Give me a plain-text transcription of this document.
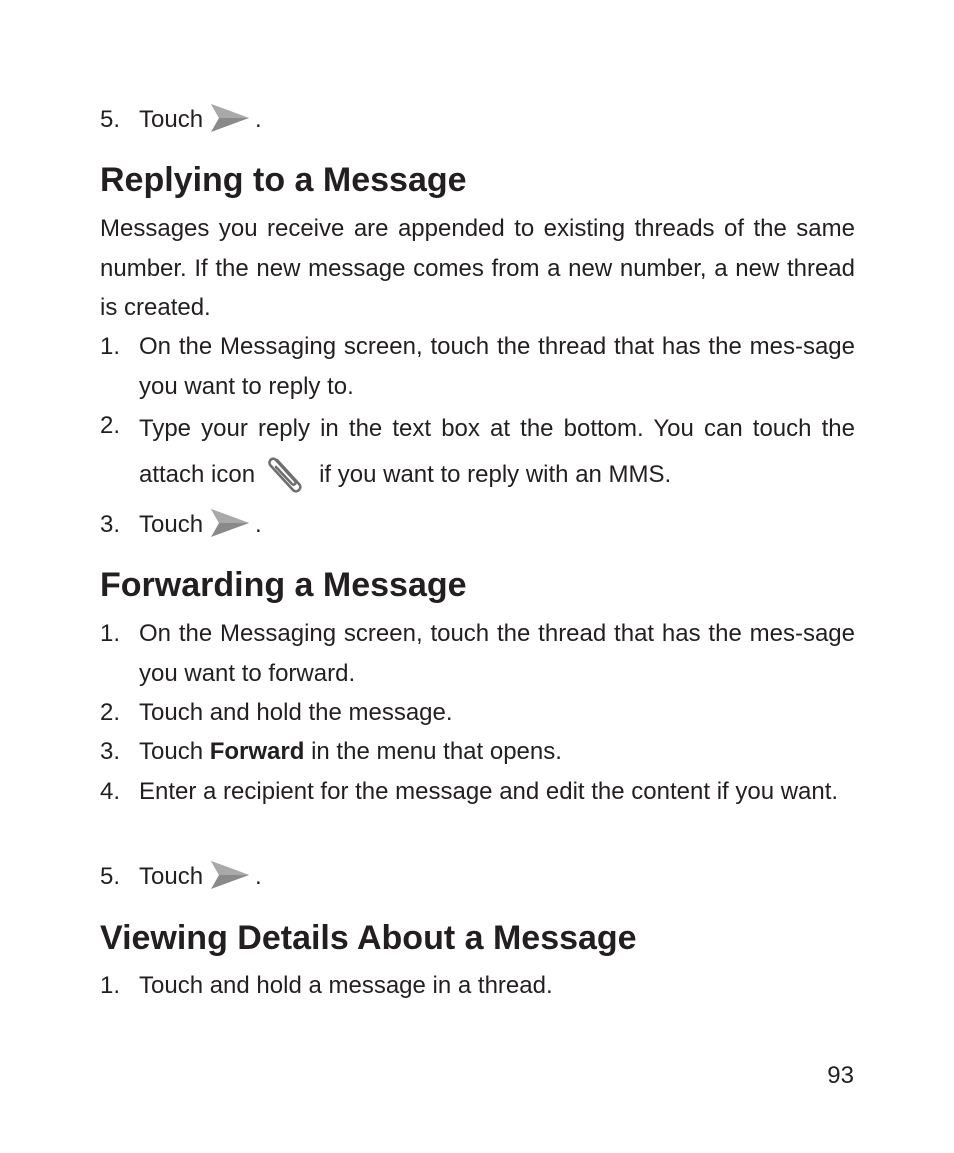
5. Touch .
Replying to a Message
Messages you receive are appended to existing threads of the same number. If the new message comes from a new number, a new thread is created.
1. On the Messaging screen, touch the thread that has the mes-sage you want to reply to.
2. Type your reply in the text box at the bottom. You can touch the attach icon	if you want to reply with an MMS.
3. Touch .
Forwarding a Message
1. On the Messaging screen, touch the thread that has the mes-sage you want to forward.
2. Touch and hold the message.
3. Touch Forward in the menu that opens.
4. Enter a recipient for the message and edit the content if you want.
5. Touch .
Viewing Details About a Message
1. Touch and hold a message in a thread.
93
